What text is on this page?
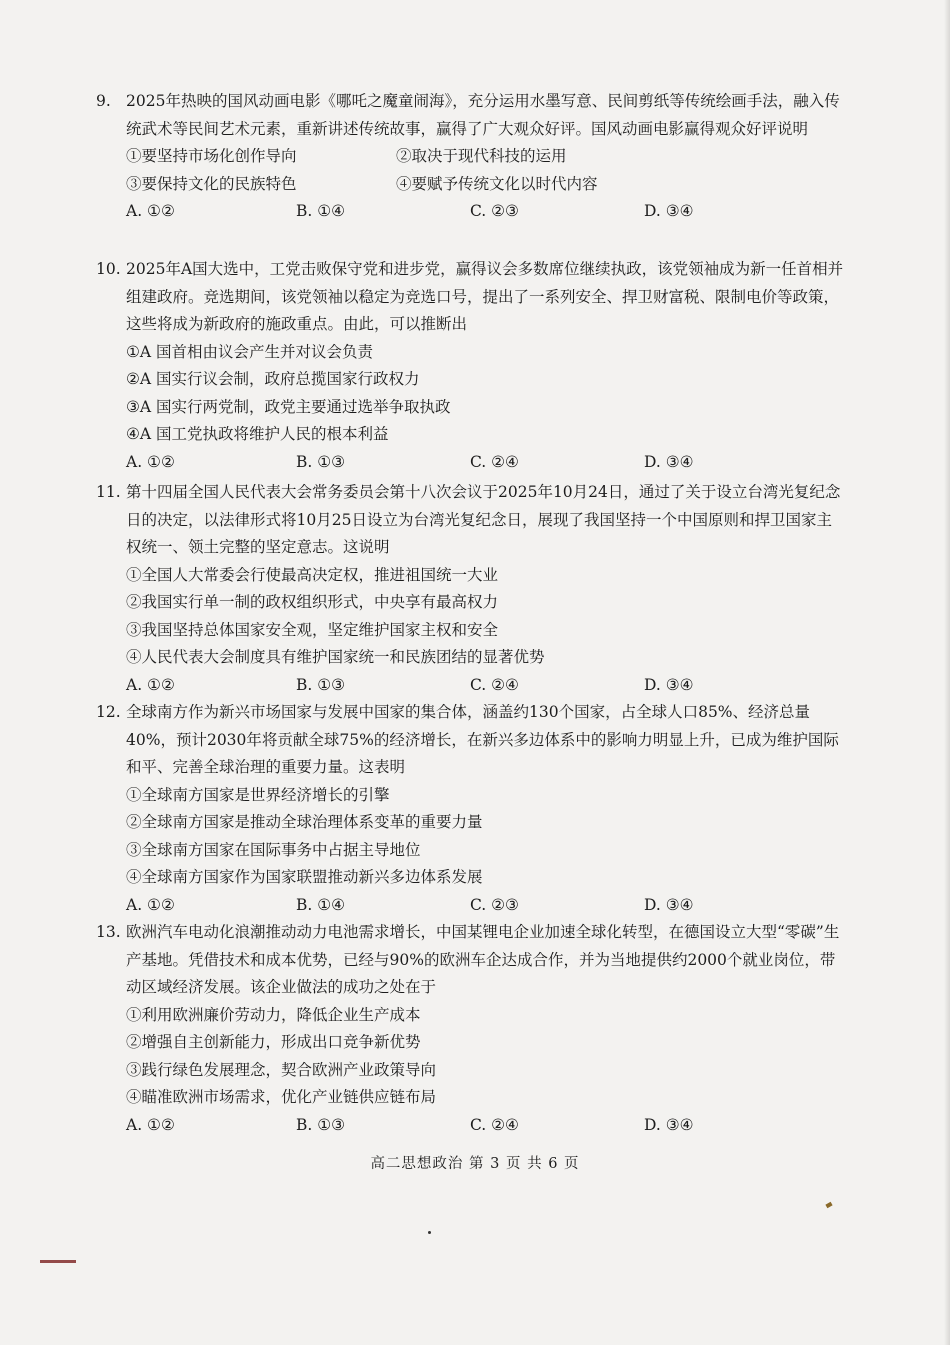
9. 2025年热映的国风动画电影《哪吒之魔童闹海》，充分运用水墨写意、民间剪纸等传统绘画手法，融入传统武术等民间艺术元素，重新讲述传统故事，赢得了广大观众好评。国风动画电影赢得观众好评说明

①要坚持市场化创作导向	②取决于现代科技的运用
③要保持文化的民族特色	④要赋予传统文化以时代内容
A. ①②	B. ①④	C. ②③	D. ③④

10. 2025年A国大选中，工党击败保守党和进步党，赢得议会多数席位继续执政，该党领袖成为新一任首相并组建政府。竞选期间，该党领袖以稳定为竞选口号，提出了一系列安全、捍卫财富税、限制电价等政策，这些将成为新政府的施政重点。由此，可以推断出

①A 国首相由议会产生并对议会负责
②A 国实行议会制，政府总揽国家行政权力
③A 国实行两党制，政党主要通过选举争取执政
④A 国工党执政将维护人民的根本利益
A. ①②	B. ①③	C. ②④	D. ③④

11. 第十四届全国人民代表大会常务委员会第十八次会议于2025年10月24日，通过了关于设立台湾光复纪念日的决定，以法律形式将10月25日设立为台湾光复纪念日，展现了我国坚持一个中国原则和捍卫国家主权统一、领土完整的坚定意志。这说明

①全国人大常委会行使最高决定权，推进祖国统一大业
②我国实行单一制的政权组织形式，中央享有最高权力
③我国坚持总体国家安全观，坚定维护国家主权和安全
④人民代表大会制度具有维护国家统一和民族团结的显著优势
A. ①②	B. ①③	C. ②④	D. ③④

12. 全球南方作为新兴市场国家与发展中国家的集合体，涵盖约130个国家，占全球人口85%、经济总量40%，预计2030年将贡献全球75%的经济增长，在新兴多边体系中的影响力明显上升，已成为维护国际和平、完善全球治理的重要力量。这表明

①全球南方国家是世界经济增长的引擎
②全球南方国家是推动全球治理体系变革的重要力量
③全球南方国家在国际事务中占据主导地位
④全球南方国家作为国家联盟推动新兴多边体系发展
A. ①②	B. ①④	C. ②③	D. ③④

13. 欧洲汽车电动化浪潮推动动力电池需求增长，中国某锂电企业加速全球化转型，在德国设立大型“零碳”生产基地。凭借技术和成本优势，已经与90%的欧洲车企达成合作，并为当地提供约2000个就业岗位，带动区域经济发展。该企业做法的成功之处在于

①利用欧洲廉价劳动力，降低企业生产成本
②增强自主创新能力，形成出口竞争新优势
③践行绿色发展理念，契合欧洲产业政策导向
④瞄准欧洲市场需求，优化产业链供应链布局
A. ①②	B. ①③	C. ②④	D. ③④
高二思想政治 第 3 页 共 6 页
